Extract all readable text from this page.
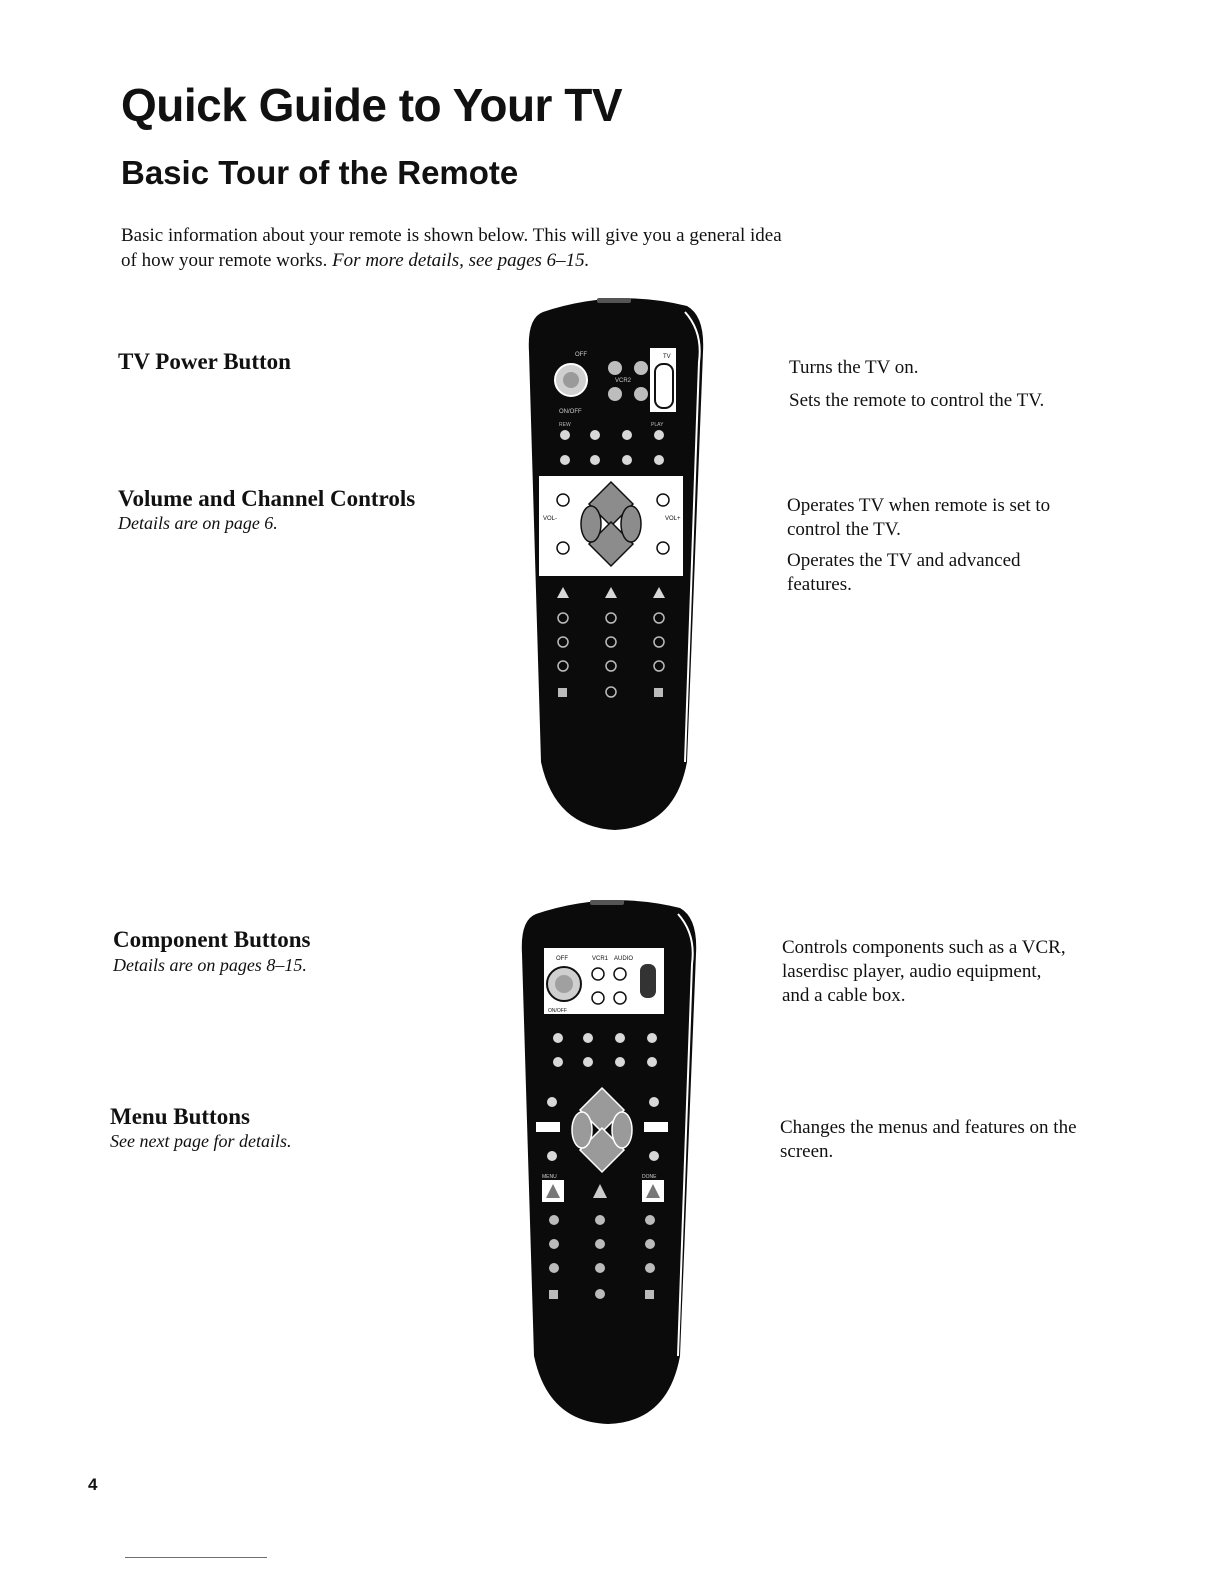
Quick Guide to Your TV
Basic Tour of the Remote

Basic information about your remote is shown below. This will give you a general idea of how your remote works. For more details, see pages 6–15.

TV Power Button	Turns the TV on.
Sets the remote to control the TV.
Volume and Channel Controls
Details are on page 6.
Operates TV when remote is set to control the TV.
Operates the TV and advanced features.
OFF	TV
VCR2
ON/OFF
REW	PLAY
VOL-	VOL+
Component Buttons
Details are on pages 8–15.
Controls components such as a VCR, laserdisc player, audio equipment, and a cable box.
Menu Buttons
See next page for details.
Changes the menus and features on the screen.
OFF	VCR1 AUDIO
ON/OFF
MENU	DONE
4
